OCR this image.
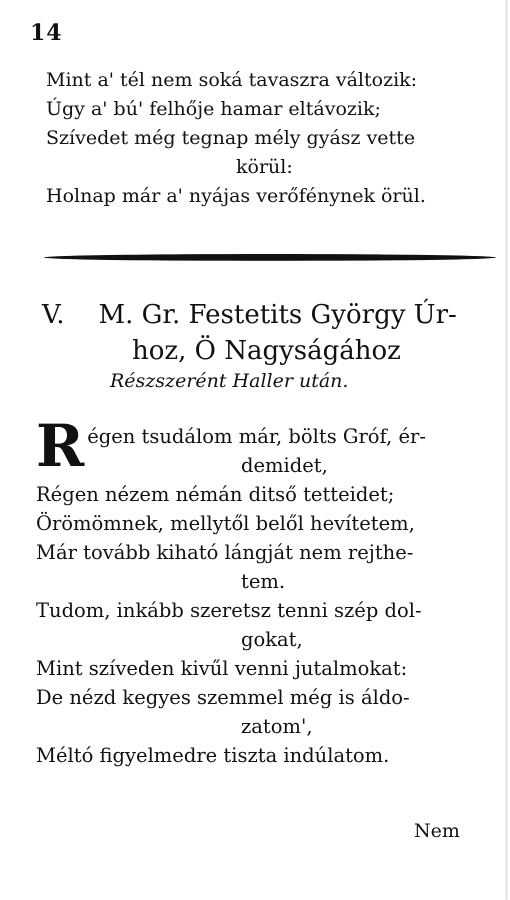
14
Mint a' tél nem soká tavaszra változik:
Úgy a' bú' felhője hamar eltávozik;
Szívedet még tegnap mély gyász vette
körül:
Holnap már a' nyájas verőfénynek örül.
V. M. Gr. Festetits György Úr-
hoz, Ö Nagyságához
Részszerént Haller után.
Régen tsudálom már, bölts Gróf, ér-
demidet,
Régen nézem némán ditső tetteidet;
Örömömnek, mellytől belől hevítetem,
Már tovább kiható lángját nem rejthe-
tem.
Tudom, inkább szeretsz tenni szép dol-
gokat,
Mint szíveden kivűl venni jutalmokat:
De nézd kegyes szemmel még is áldo-
zatom',
Méltó figyelmedre tiszta indúlatom.
Nem
